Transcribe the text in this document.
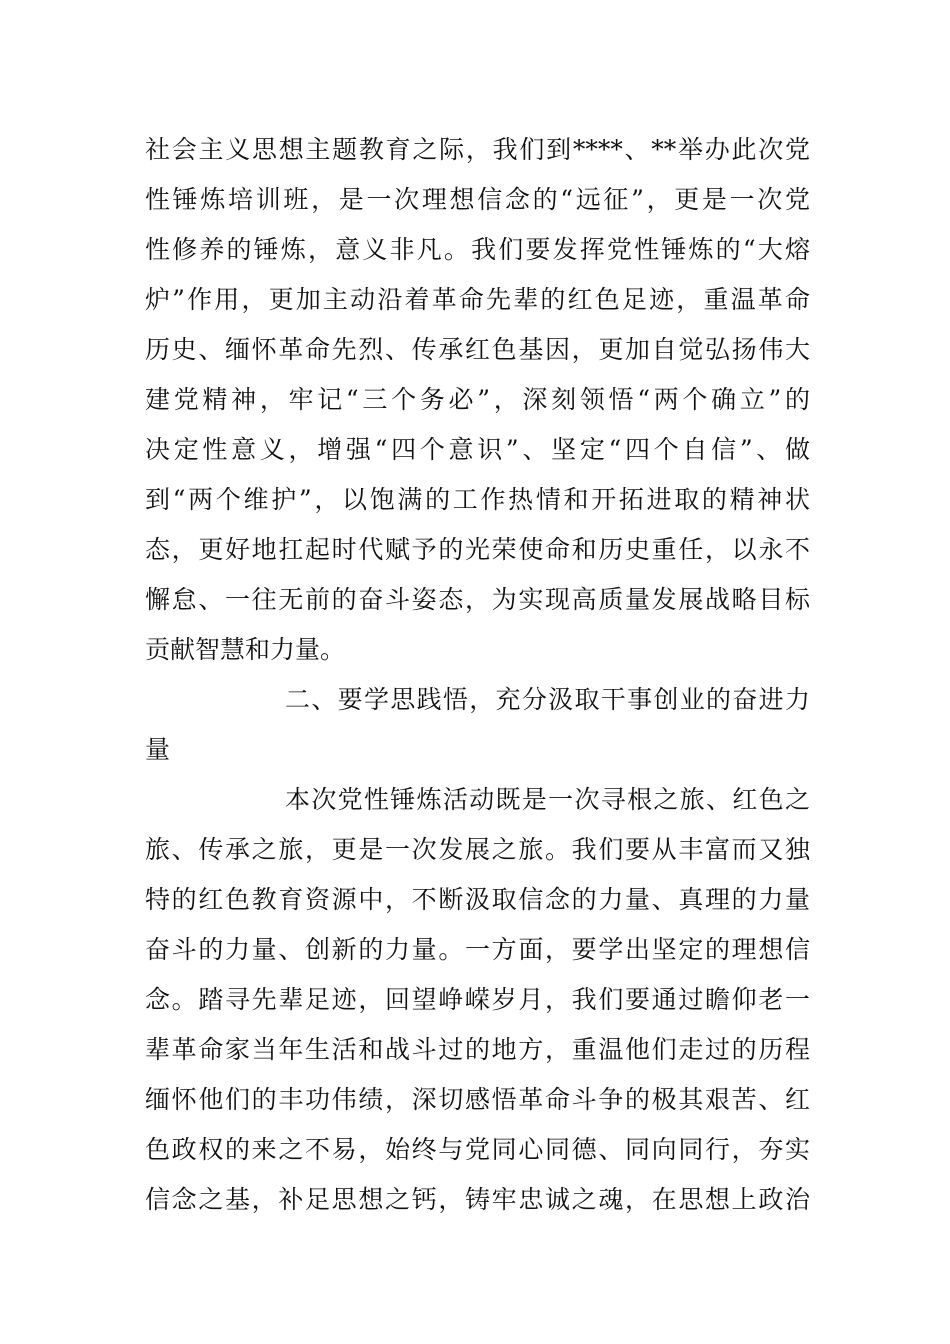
社会主义思想主题教育之际，我们到****、**举办此次党
性锤炼培训班，是一次理想信念的“远征”，更是一次党
性修养的锤炼，意义非凡。我们要发挥党性锤炼的“大熔
炉”作用，更加主动沿着革命先辈的红色足迹，重温革命
历史、缅怀革命先烈、传承红色基因，更加自觉弘扬伟大
建党精神，牢记“三个务必”，深刻领悟“两个确立”的
决定性意义，增强“四个意识”、坚定“四个自信”、做
到“两个维护”，以饱满的工作热情和开拓进取的精神状
态，更好地扛起时代赋予的光荣使命和历史重任，以永不
懈怠、一往无前的奋斗姿态，为实现高质量发展战略目标
贡献智慧和力量。
二、要学思践悟，充分汲取干事创业的奋进力
量
本次党性锤炼活动既是一次寻根之旅、红色之
旅、传承之旅，更是一次发展之旅。我们要从丰富而又独
特的红色教育资源中，不断汲取信念的力量、真理的力量
奋斗的力量、创新的力量。一方面，要学出坚定的理想信
念。踏寻先辈足迹，回望峥嵘岁月，我们要通过瞻仰老一
辈革命家当年生活和战斗过的地方，重温他们走过的历程
缅怀他们的丰功伟绩，深切感悟革命斗争的极其艰苦、红
色政权的来之不易，始终与党同心同德、同向同行，夯实
信念之基，补足思想之钙，铸牢忠诚之魂，在思想上政治
